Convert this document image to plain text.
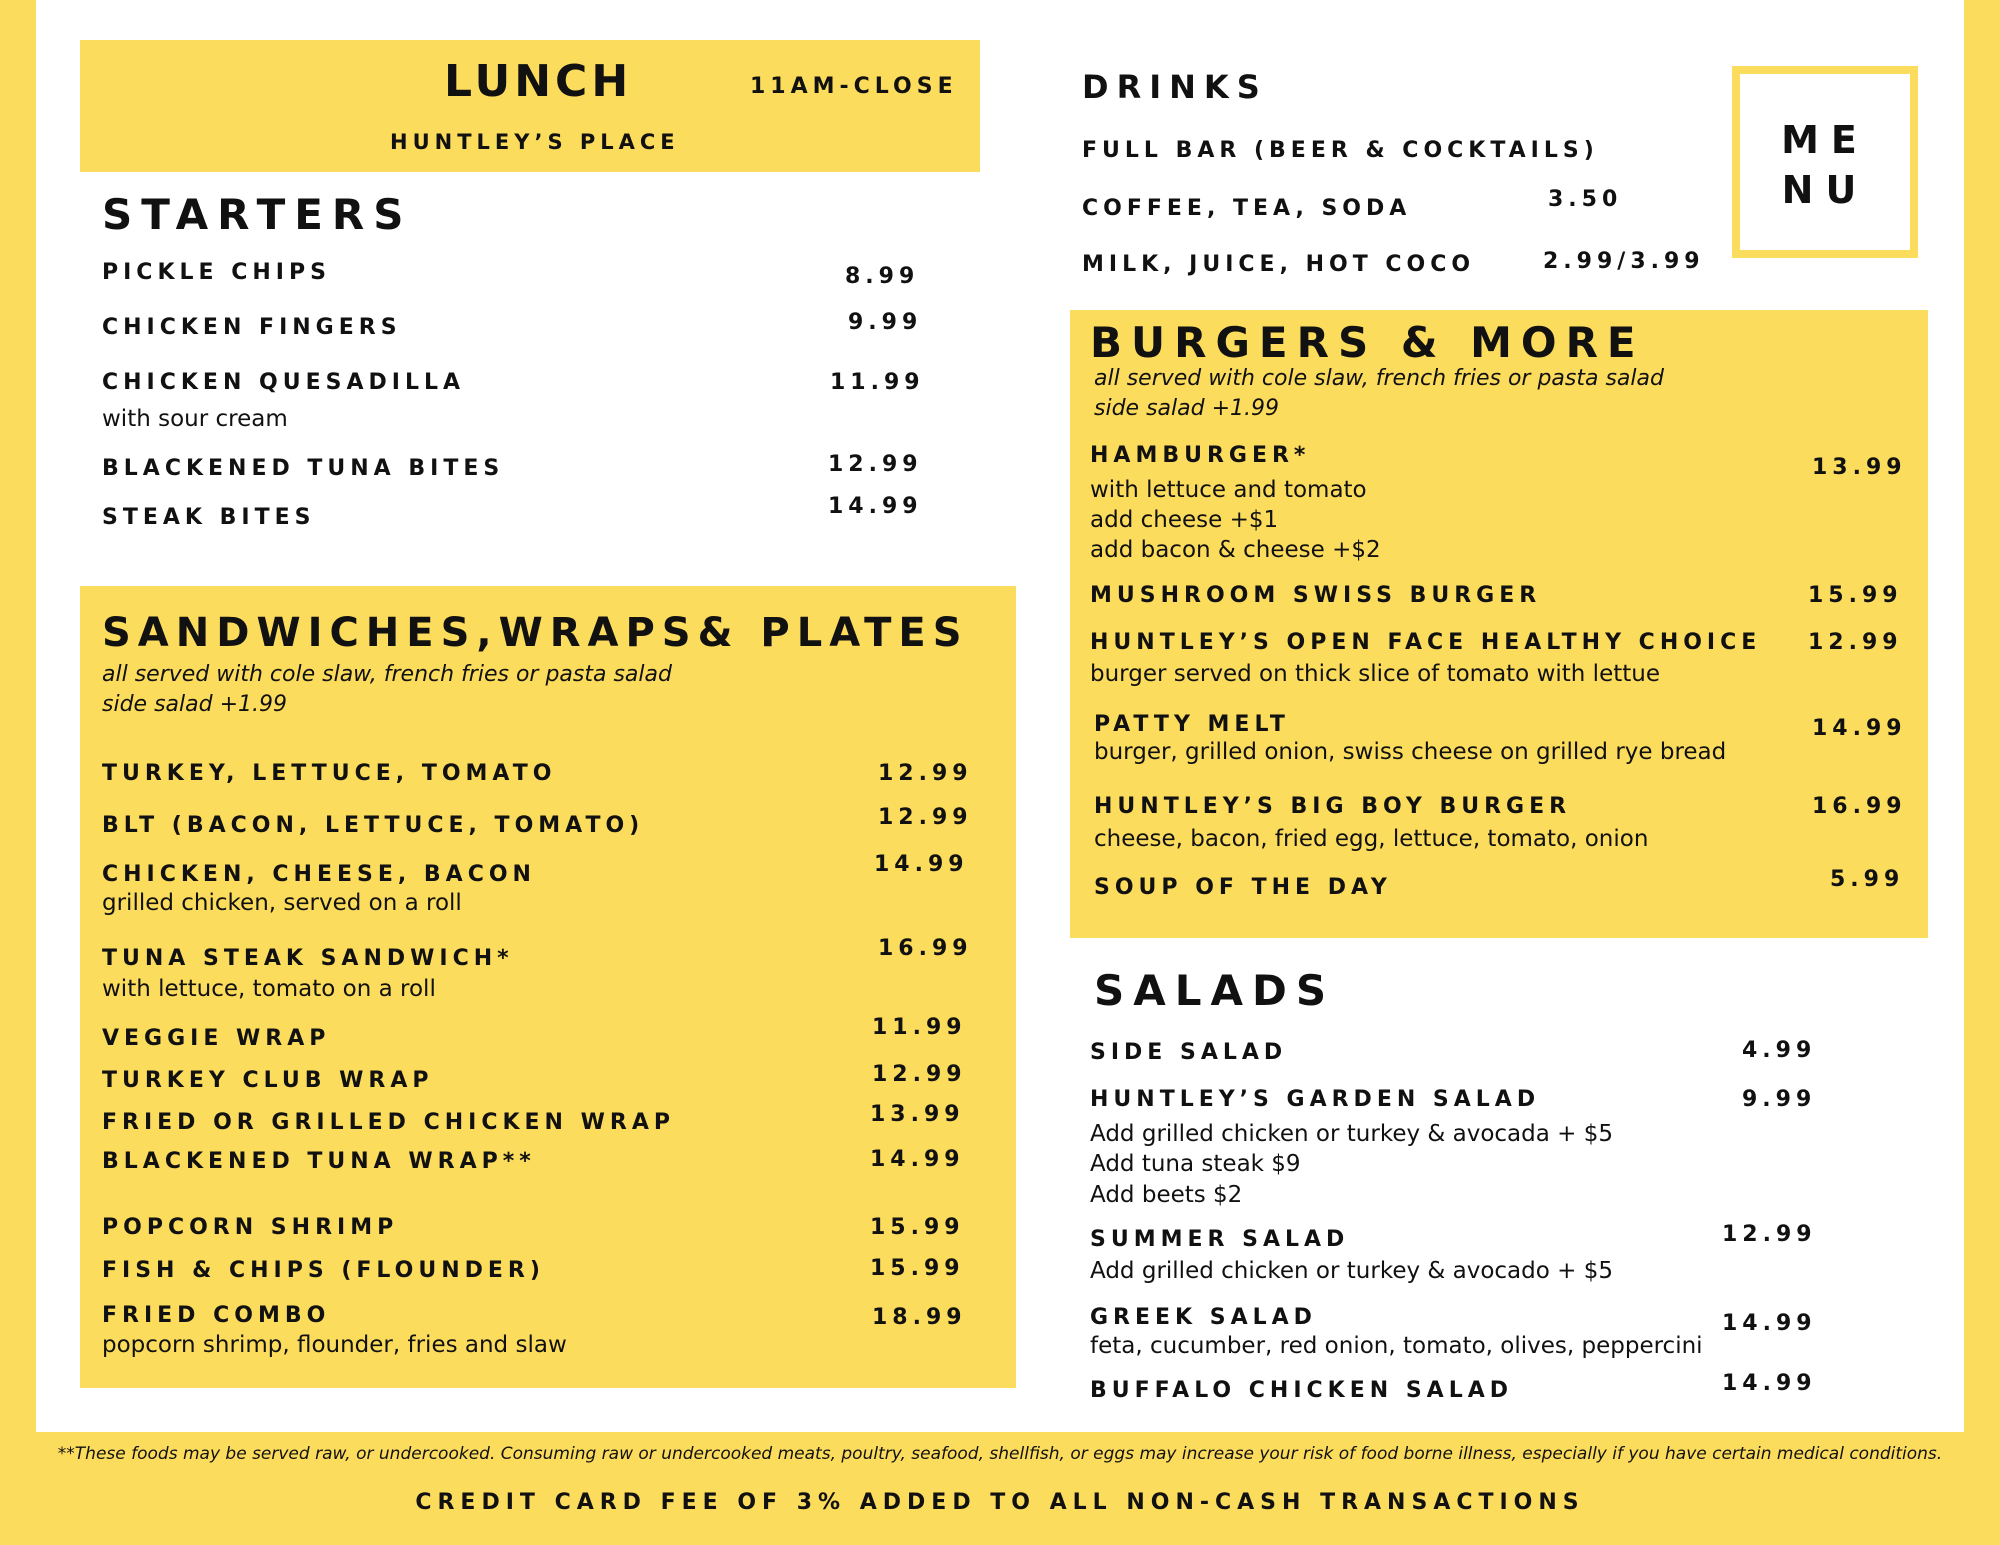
LUNCH	11AM-CLOSE
HUNTLEY’S PLACE
STARTERS
PICKLE CHIPS	8.99
CHICKEN FINGERS	9.99
CHICKEN QUESADILLA	11.99
with sour cream
BLACKENED TUNA BITES	12.99
STEAK BITES	14.99
SANDWICHES,WRAPS& PLATES
all served with cole slaw, french fries or pasta salad
side salad +1.99
TURKEY, LETTUCE, TOMATO	12.99
BLT (BACON, LETTUCE, TOMATO)	12.99
CHICKEN, CHEESE, BACON	14.99
grilled chicken, served on a roll
TUNA STEAK SANDWICH*	16.99
with lettuce, tomato on a roll
VEGGIE WRAP	11.99
TURKEY CLUB WRAP	12.99
FRIED OR GRILLED CHICKEN WRAP	13.99
BLACKENED TUNA WRAP**	14.99
POPCORN SHRIMP	15.99
FISH & CHIPS (FLOUNDER)	15.99
FRIED COMBO	18.99
popcorn shrimp, flounder, fries and slaw
DRINKS
FULL BAR (BEER & COCKTAILS)
COFFEE, TEA, SODA	3.50
MILK, JUICE, HOT COCO	2.99/3.99
ME
NU
BURGERS & MORE
all served with cole slaw, french fries or pasta salad
side salad +1.99
HAMBURGER*	13.99
with lettuce and tomato
add cheese +$1
add bacon & cheese +$2
MUSHROOM SWISS BURGER	15.99
HUNTLEY’S OPEN FACE HEALTHY CHOICE 12.99
burger served on thick slice of tomato with lettue
PATTY MELT	14.99
burger, grilled onion, swiss cheese on grilled rye bread
HUNTLEY’S BIG BOY BURGER	16.99
cheese, bacon, fried egg, lettuce, tomato, onion
SOUP OF THE DAY	5.99
SALADS
SIDE SALAD	4.99
HUNTLEY’S GARDEN SALAD	9.99
Add grilled chicken or turkey & avocada + $5
Add tuna steak $9
Add beets $2
SUMMER SALAD	12.99
Add grilled chicken or turkey & avocado + $5
GREEK SALAD	14.99
feta, cucumber, red onion, tomato, olives, peppercini
BUFFALO CHICKEN SALAD	14.99
**These foods may be served raw, or undercooked. Consuming raw or undercooked meats, poultry, seafood, shellfish, or eggs may increase your risk of food borne illness, especially if you have certain medical conditions.
CREDIT CARD FEE OF 3% ADDED TO ALL NON-CASH TRANSACTIONS
